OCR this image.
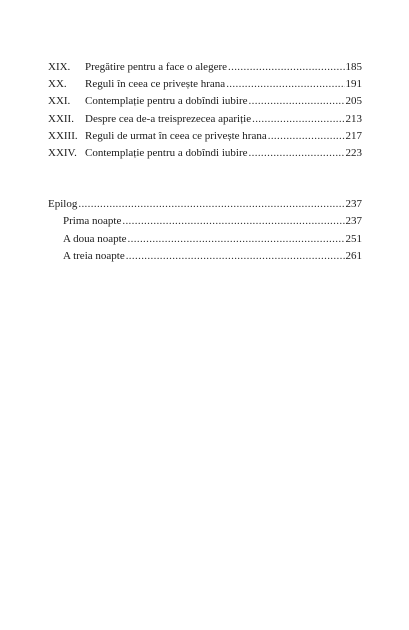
XIX.	Pregătire pentru a face o alegere . . .	185
XX.	Reguli în ceea ce privește hrana . . .	191
XXI.	Contemplație pentru a dobîndi iubire . . .	205
XXII.	Despre cea de-a treisprezecea apariție . . .	213
XXIII. Reguli de urmat în ceea ce privește hrana . . .	217
XXIV. Contemplație pentru a dobîndi iubire . . .	223
Epilog . . .	237
Prima noapte . . .	237
A doua noapte . . .	251
A treia noapte . . .	261
